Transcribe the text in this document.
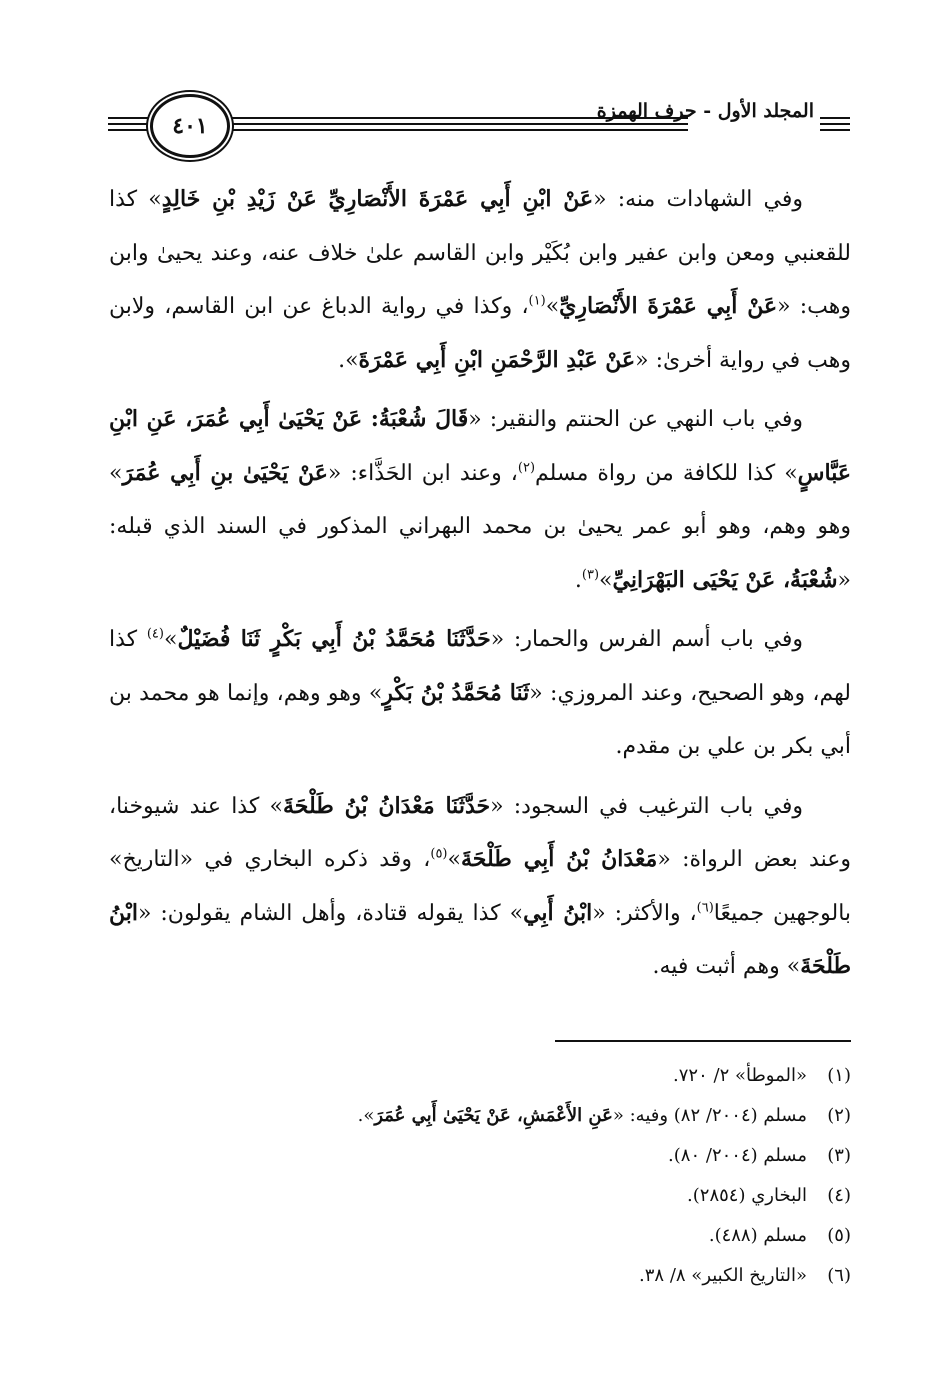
المجلد الأول - حرف الهمزة
٤٠١

وفي الشهادات منه: «عَنْ ابْنِ أَبِي عَمْرَةَ الأَنْصَارِيِّ عَنْ زَيْدِ بْنِ خَالِدٍ» كذا للقعنبي ومعن وابن عفير وابن بُكَيْر وابن القاسم علىٰ خلاف عنه، وعند يحيىٰ وابن وهب: «عَنْ أَبِي عَمْرَةَ الأَنْصَارِيِّ»$^{(١)}$، وكذا في رواية الدباغ عن ابن القاسم، ولابن وهب في رواية أخرىٰ: «عَنْ عَبْدِ الرَّحْمَنِ ابْنِ أَبِي عَمْرَةَ».

وفي باب النهي عن الحنتم والنقير: «قَالَ شُعْبَةُ: عَنْ يَحْيَىٰ أَبِي عُمَرَ، عَنِ ابْنِ عَبَّاسٍ» كذا للكافة من رواة مسلم$^{(٢)}$، وعند ابن الحَذَّاء: «عَنْ يَحْيَىٰ بنِ أَبِي عُمَرَ» وهو وهم، وهو أبو عمر يحيىٰ بن محمد البهراني المذكور في السند الذي قبله: «شُعْبَةُ، عَنْ يَحْيَى البَهْرَانِيِّ»$^{(٣)}$.

وفي باب أسم الفرس والحمار: «حَدَّثَنَا مُحَمَّدُ بْنُ أَبِي بَكْرٍ ثَنَا فُضَيْلٌ»$^{(٤)}$ كذا لهم، وهو الصحيح، وعند المروزي: «ثَنَا مُحَمَّدُ بْنُ بَكْرٍ» وهو وهم، وإنما هو محمد بن أبي بكر بن علي بن مقدم.

وفي باب الترغيب في السجود: «حَدَّثَنَا مَعْدَانُ بْنُ طَلْحَةَ» كذا عند شيوخنا، وعند بعض الرواة: «مَعْدَانُ بْنُ أَبِي طَلْحَةَ»$^{(٥)}$، وقد ذكره البخاري في «التاريخ» بالوجهين جميعًا$^{(٦)}$، والأكثر: «ابْنُ أَبِي» كذا يقوله قتادة، وأهل الشام يقولون: «ابْنُ طَلْحَةَ» وهم أثبت فيه.

(١)«الموطأ» ٢/ ٧٢٠.
(٢)مسلم (٢٠٠٤/ ٨٢) وفيه: «عَنِ الأَعْمَشِ، عَنْ يَحْيَىٰ أَبِي عُمَرَ».
(٣)مسلم (٢٠٠٤/ ٨٠).
(٤)البخاري (٢٨٥٤).
(٥)مسلم (٤٨٨).
(٦)«التاريخ الكبير» ٨/ ٣٨.
